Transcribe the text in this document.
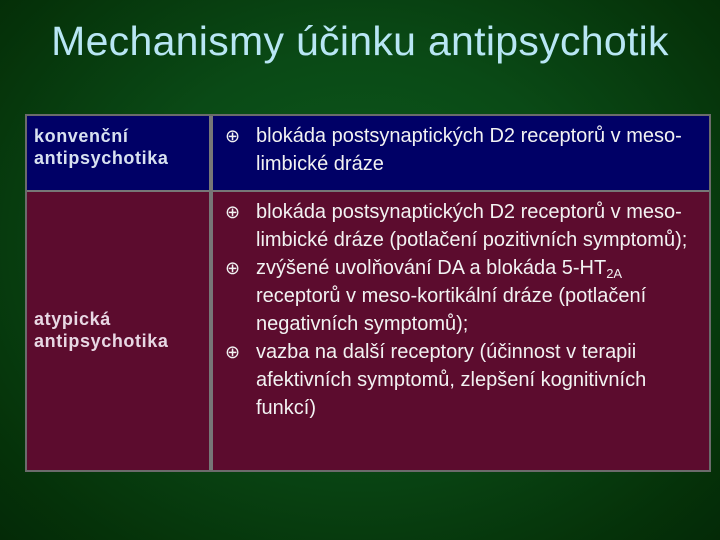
Mechanismy účinku antipsychotik
konvenční
antipsychotika
⊕ blokáda postsynaptických D2 receptorů v meso-limbické dráze
atypická
antipsychotika
⊕ blokáda postsynaptických D2 receptorů v meso-limbické dráze (potlačení pozitivních symptomů);
⊕ zvýšené uvolňování DA a blokáda $5-HT_{2A}$ receptorů v meso-kortikální dráze (potlačení negativních symptomů);
⊕ vazba na další receptory (účinnost v terapii afektivních symptomů, zlepšení kognitivních funkcí)
